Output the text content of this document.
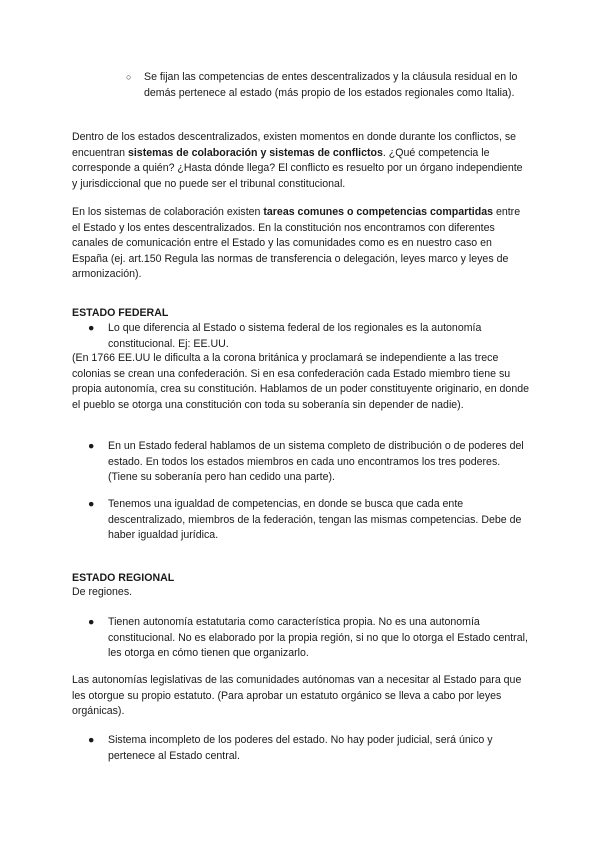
○	Se fijan las competencias de entes descentralizados y la cláusula residual en lo demás pertenece al estado (más propio de los estados regionales como Italia).

Dentro de los estados descentralizados, existen momentos en donde durante los conflictos, se encuentran sistemas de colaboración y sistemas de conflictos. ¿Qué competencia le corresponde a quién? ¿Hasta dónde llega? El conflicto es resuelto por un órgano independiente y jurisdiccional que no puede ser el tribunal constitucional.

En los sistemas de colaboración existen tareas comunes o competencias compartidas entre el Estado y los entes descentralizados. En la constitución nos encontramos con diferentes canales de comunicación entre el Estado y las comunidades como es en nuestro caso en España (ej. art.150 Regula las normas de transferencia o delegación, leyes marco y leyes de armonización).

ESTADO FEDERAL
●	Lo que diferencia al Estado o sistema federal de los regionales es la autonomía constitucional. Ej: EE.UU.
(En 1766 EE.UU le dificulta a la corona británica y proclamará se independiente a las trece colonias se crean una confederación. Si en esa confederación cada Estado miembro tiene su propia autonomía, crea su constitución. Hablamos de un poder constituyente originario, en donde el pueblo se otorga una constitución con toda su soberanía sin depender de nadie).
●	En un Estado federal hablamos de un sistema completo de distribución o de poderes del estado. En todos los estados miembros en cada uno encontramos los tres poderes. (Tiene su soberanía pero han cedido una parte).
●	Tenemos una igualdad de competencias, en donde se busca que cada ente descentralizado, miembros de la federación, tengan las mismas competencias. Debe de haber igualdad jurídica.
ESTADO REGIONAL
De regiones.
●	Tienen autonomía estatutaria como característica propia. No es una autonomía constitucional. No es elaborado por la propia región, si no que lo otorga el Estado central, les otorga en cómo tienen que organizarlo.
Las autonomías legislativas de las comunidades autónomas van a necesitar al Estado para que les otorgue su propio estatuto. (Para aprobar un estatuto orgánico se lleva a cabo por leyes orgánicas).
●	Sistema incompleto de los poderes del estado. No hay poder judicial, será único y pertenece al Estado central.
